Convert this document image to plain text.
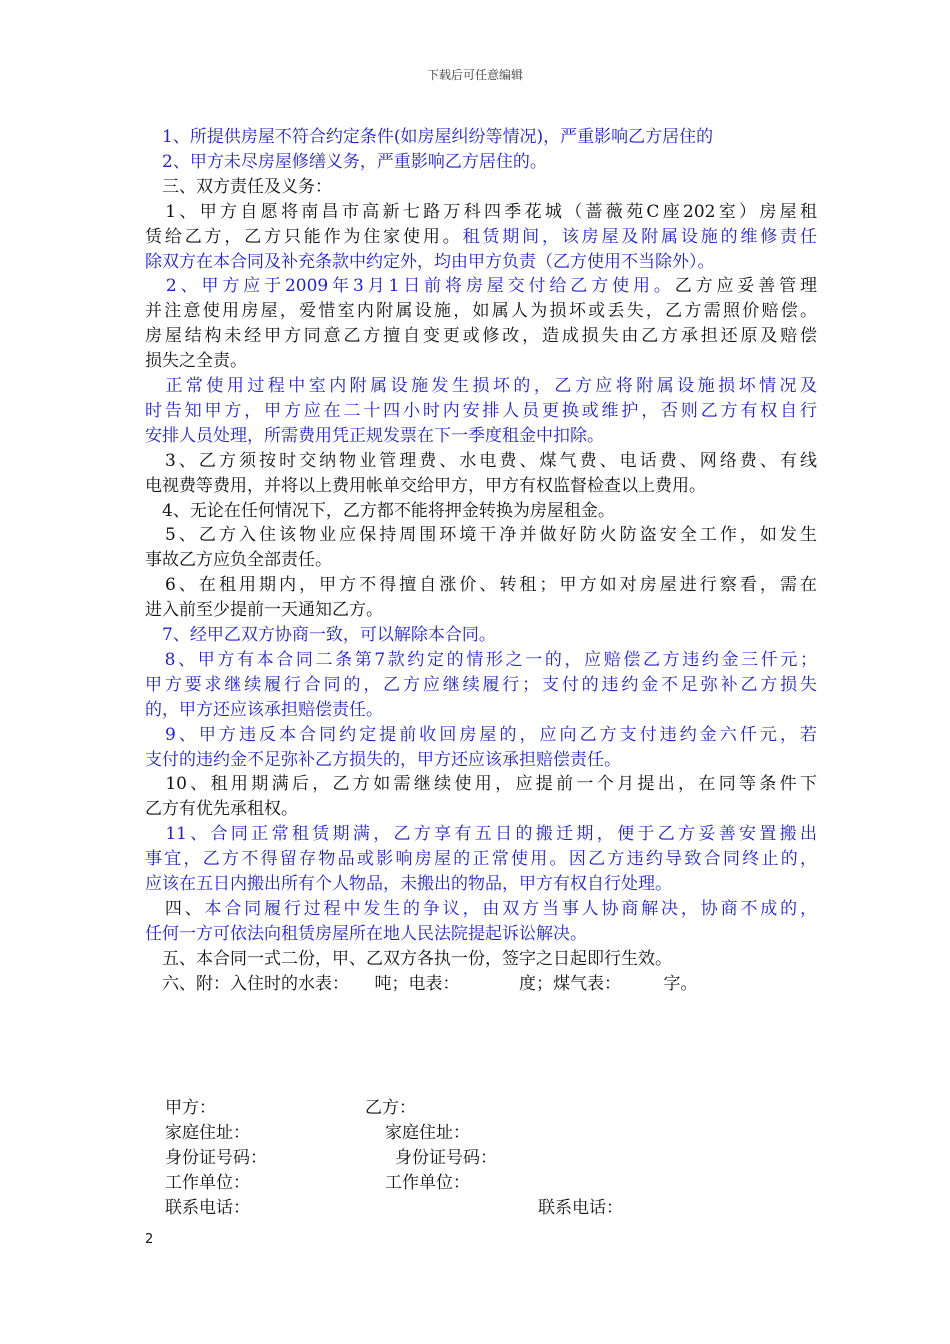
下载后可任意编辑
　1、所提供房屋不符合约定条件(如房屋纠纷等情况)，严重影响乙方居住的
　2、甲方未尽房屋修缮义务，严重影响乙方居住的。
　三、双方责任及义务：
　1、甲方自愿将南昌市高新七路万科四季花城（蔷薇苑C座202室）房屋租
赁给乙方，乙方只能作为住家使用。租赁期间，该房屋及附属设施的维修责任
除双方在本合同及补充条款中约定外，均由甲方负责（乙方使用不当除外）。
　2、甲方应于2009年3月1日前将房屋交付给乙方使用。乙方应妥善管理
并注意使用房屋，爱惜室内附属设施，如属人为损坏或丢失，乙方需照价赔偿。
房屋结构未经甲方同意乙方擅自变更或修改，造成损失由乙方承担还原及赔偿
损失之全责。
　正常使用过程中室内附属设施发生损坏的，乙方应将附属设施损坏情况及
时告知甲方，甲方应在二十四小时内安排人员更换或维护，否则乙方有权自行
安排人员处理，所需费用凭正规发票在下一季度租金中扣除。
　3、乙方须按时交纳物业管理费、水电费、煤气费、电话费、网络费、有线
电视费等费用，并将以上费用帐单交给甲方，甲方有权监督检查以上费用。
　4、无论在任何情况下，乙方都不能将押金转换为房屋租金。
　5、乙方入住该物业应保持周围环境干净并做好防火防盗安全工作，如发生
事故乙方应负全部责任。
　6、在租用期内，甲方不得擅自涨价、转租；甲方如对房屋进行察看，需在
进入前至少提前一天通知乙方。
　7、经甲乙双方协商一致，可以解除本合同。
　8、甲方有本合同二条第7款约定的情形之一的，应赔偿乙方违约金三仟元；
甲方要求继续履行合同的，乙方应继续履行；支付的违约金不足弥补乙方损失
的，甲方还应该承担赔偿责任。
　9、甲方违反本合同约定提前收回房屋的，应向乙方支付违约金六仟元，若
支付的违约金不足弥补乙方损失的，甲方还应该承担赔偿责任。
　10、租用期满后，乙方如需继续使用，应提前一个月提出，在同等条件下
乙方有优先承租权。
　11、合同正常租赁期满，乙方享有五日的搬迁期，便于乙方妥善安置搬出
事宜，乙方不得留存物品或影响房屋的正常使用。因乙方违约导致合同终止的，
应该在五日内搬出所有个人物品，未搬出的物品，甲方有权自行处理。
　四、本合同履行过程中发生的争议，由双方当事人协商解决，协商不成的，
任何一方可依法向租赁房屋所在地人民法院提起诉讼解决。
　五、本合同一式二份，甲、乙双方各执一份，签字之日起即行生效。
　六、附：入住时的水表：　　吨；电表：　　　　度；煤气表：　　　字。
甲方：	乙方：
家庭住址：	家庭住址：
身份证号码：	身份证号码：
工作单位：	工作单位：
联系电话：	联系电话：
2
